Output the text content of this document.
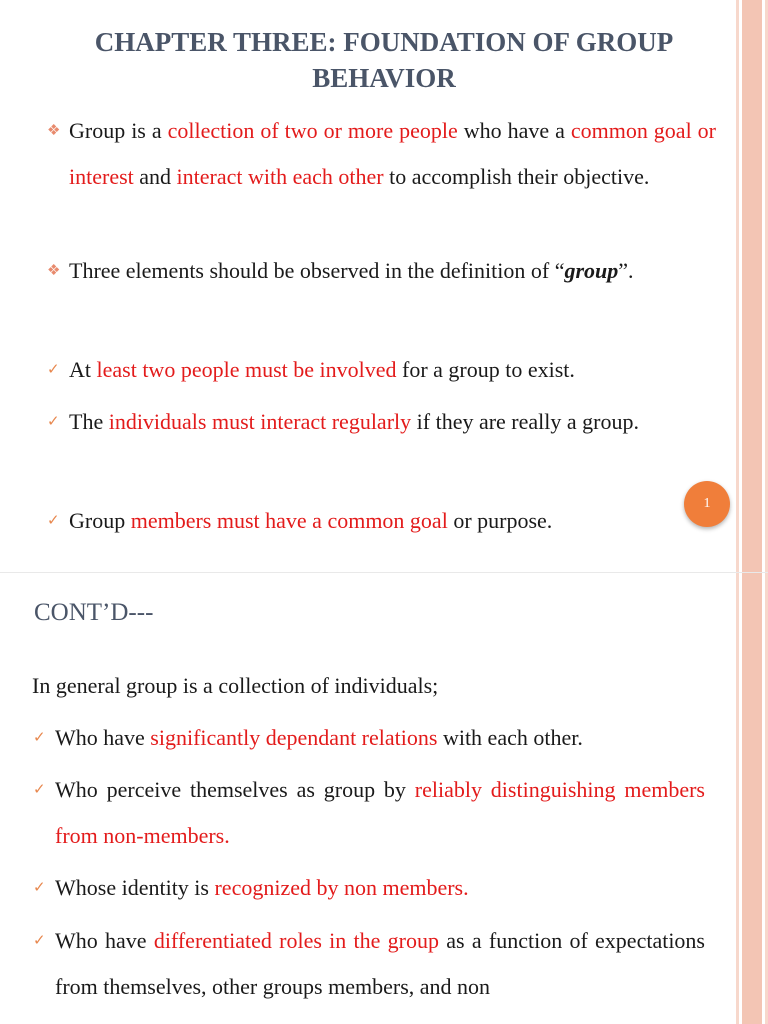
CHAPTER THREE: FOUNDATION OF GROUP BEHAVIOR
❖ Group is a collection of two or more people who have a common goal or interest and interact with each other to accomplish their objective.
❖ Three elements should be observed in the definition of “group”.
✓ At least two people must be involved for a group to exist.
✓ The individuals must interact regularly if they are really a group.
✓ Group members must have a common goal or purpose.
1
CONT’D---
In general group is a collection of individuals;
✓ Who have significantly dependant relations with each other.
✓ Who perceive themselves as group by reliably distinguishing members from non-members.
✓ Whose identity is recognized by non members.
✓ Who have differentiated roles in the group as a function of expectations from themselves, other groups members, and non
